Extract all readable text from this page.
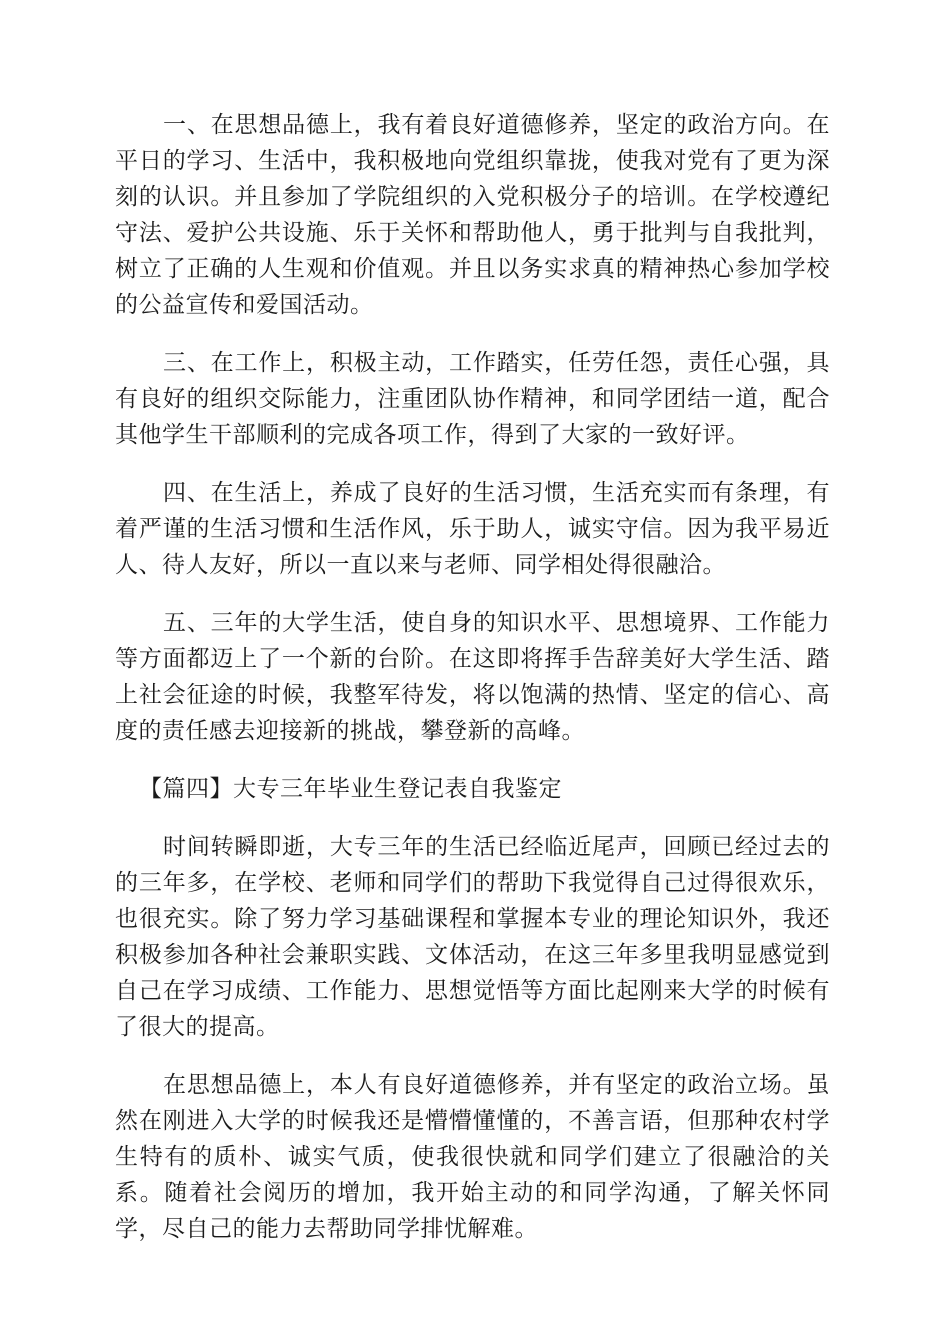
一、在思想品德上，我有着良好道德修养，坚定的政治方向。在平日的学习、生活中，我积极地向党组织靠拢，使我对党有了更为深刻的认识。并且参加了学院组织的入党积极分子的培训。在学校遵纪守法、爱护公共设施、乐于关怀和帮助他人，勇于批判与自我批判，树立了正确的人生观和价值观。并且以务实求真的精神热心参加学校的公益宣传和爱国活动。

三、在工作上，积极主动，工作踏实，任劳任怨，责任心强，具有良好的组织交际能力，注重团队协作精神，和同学团结一道，配合其他学生干部顺利的完成各项工作，得到了大家的一致好评。

四、在生活上，养成了良好的生活习惯，生活充实而有条理，有着严谨的生活习惯和生活作风，乐于助人，诚实守信。因为我平易近人、待人友好，所以一直以来与老师、同学相处得很融洽。

五、三年的大学生活，使自身的知识水平、思想境界、工作能力等方面都迈上了一个新的台阶。在这即将挥手告辞美好大学生活、踏上社会征途的时候，我整军待发，将以饱满的热情、坚定的信心、高度的责任感去迎接新的挑战，攀登新的高峰。

【篇四】大专三年毕业生登记表自我鉴定

时间转瞬即逝，大专三年的生活已经临近尾声，回顾已经过去的的三年多，在学校、老师和同学们的帮助下我觉得自己过得很欢乐，也很充实。除了努力学习基础课程和掌握本专业的理论知识外，我还积极参加各种社会兼职实践、文体活动，在这三年多里我明显感觉到自己在学习成绩、工作能力、思想觉悟等方面比起刚来大学的时候有了很大的提高。

在思想品德上，本人有良好道德修养，并有坚定的政治立场。虽然在刚进入大学的时候我还是懵懵懂懂的，不善言语，但那种农村学生特有的质朴、诚实气质，使我很快就和同学们建立了很融洽的关系。随着社会阅历的增加，我开始主动的和同学沟通，了解关怀同学，尽自己的能力去帮助同学排忧解难。
